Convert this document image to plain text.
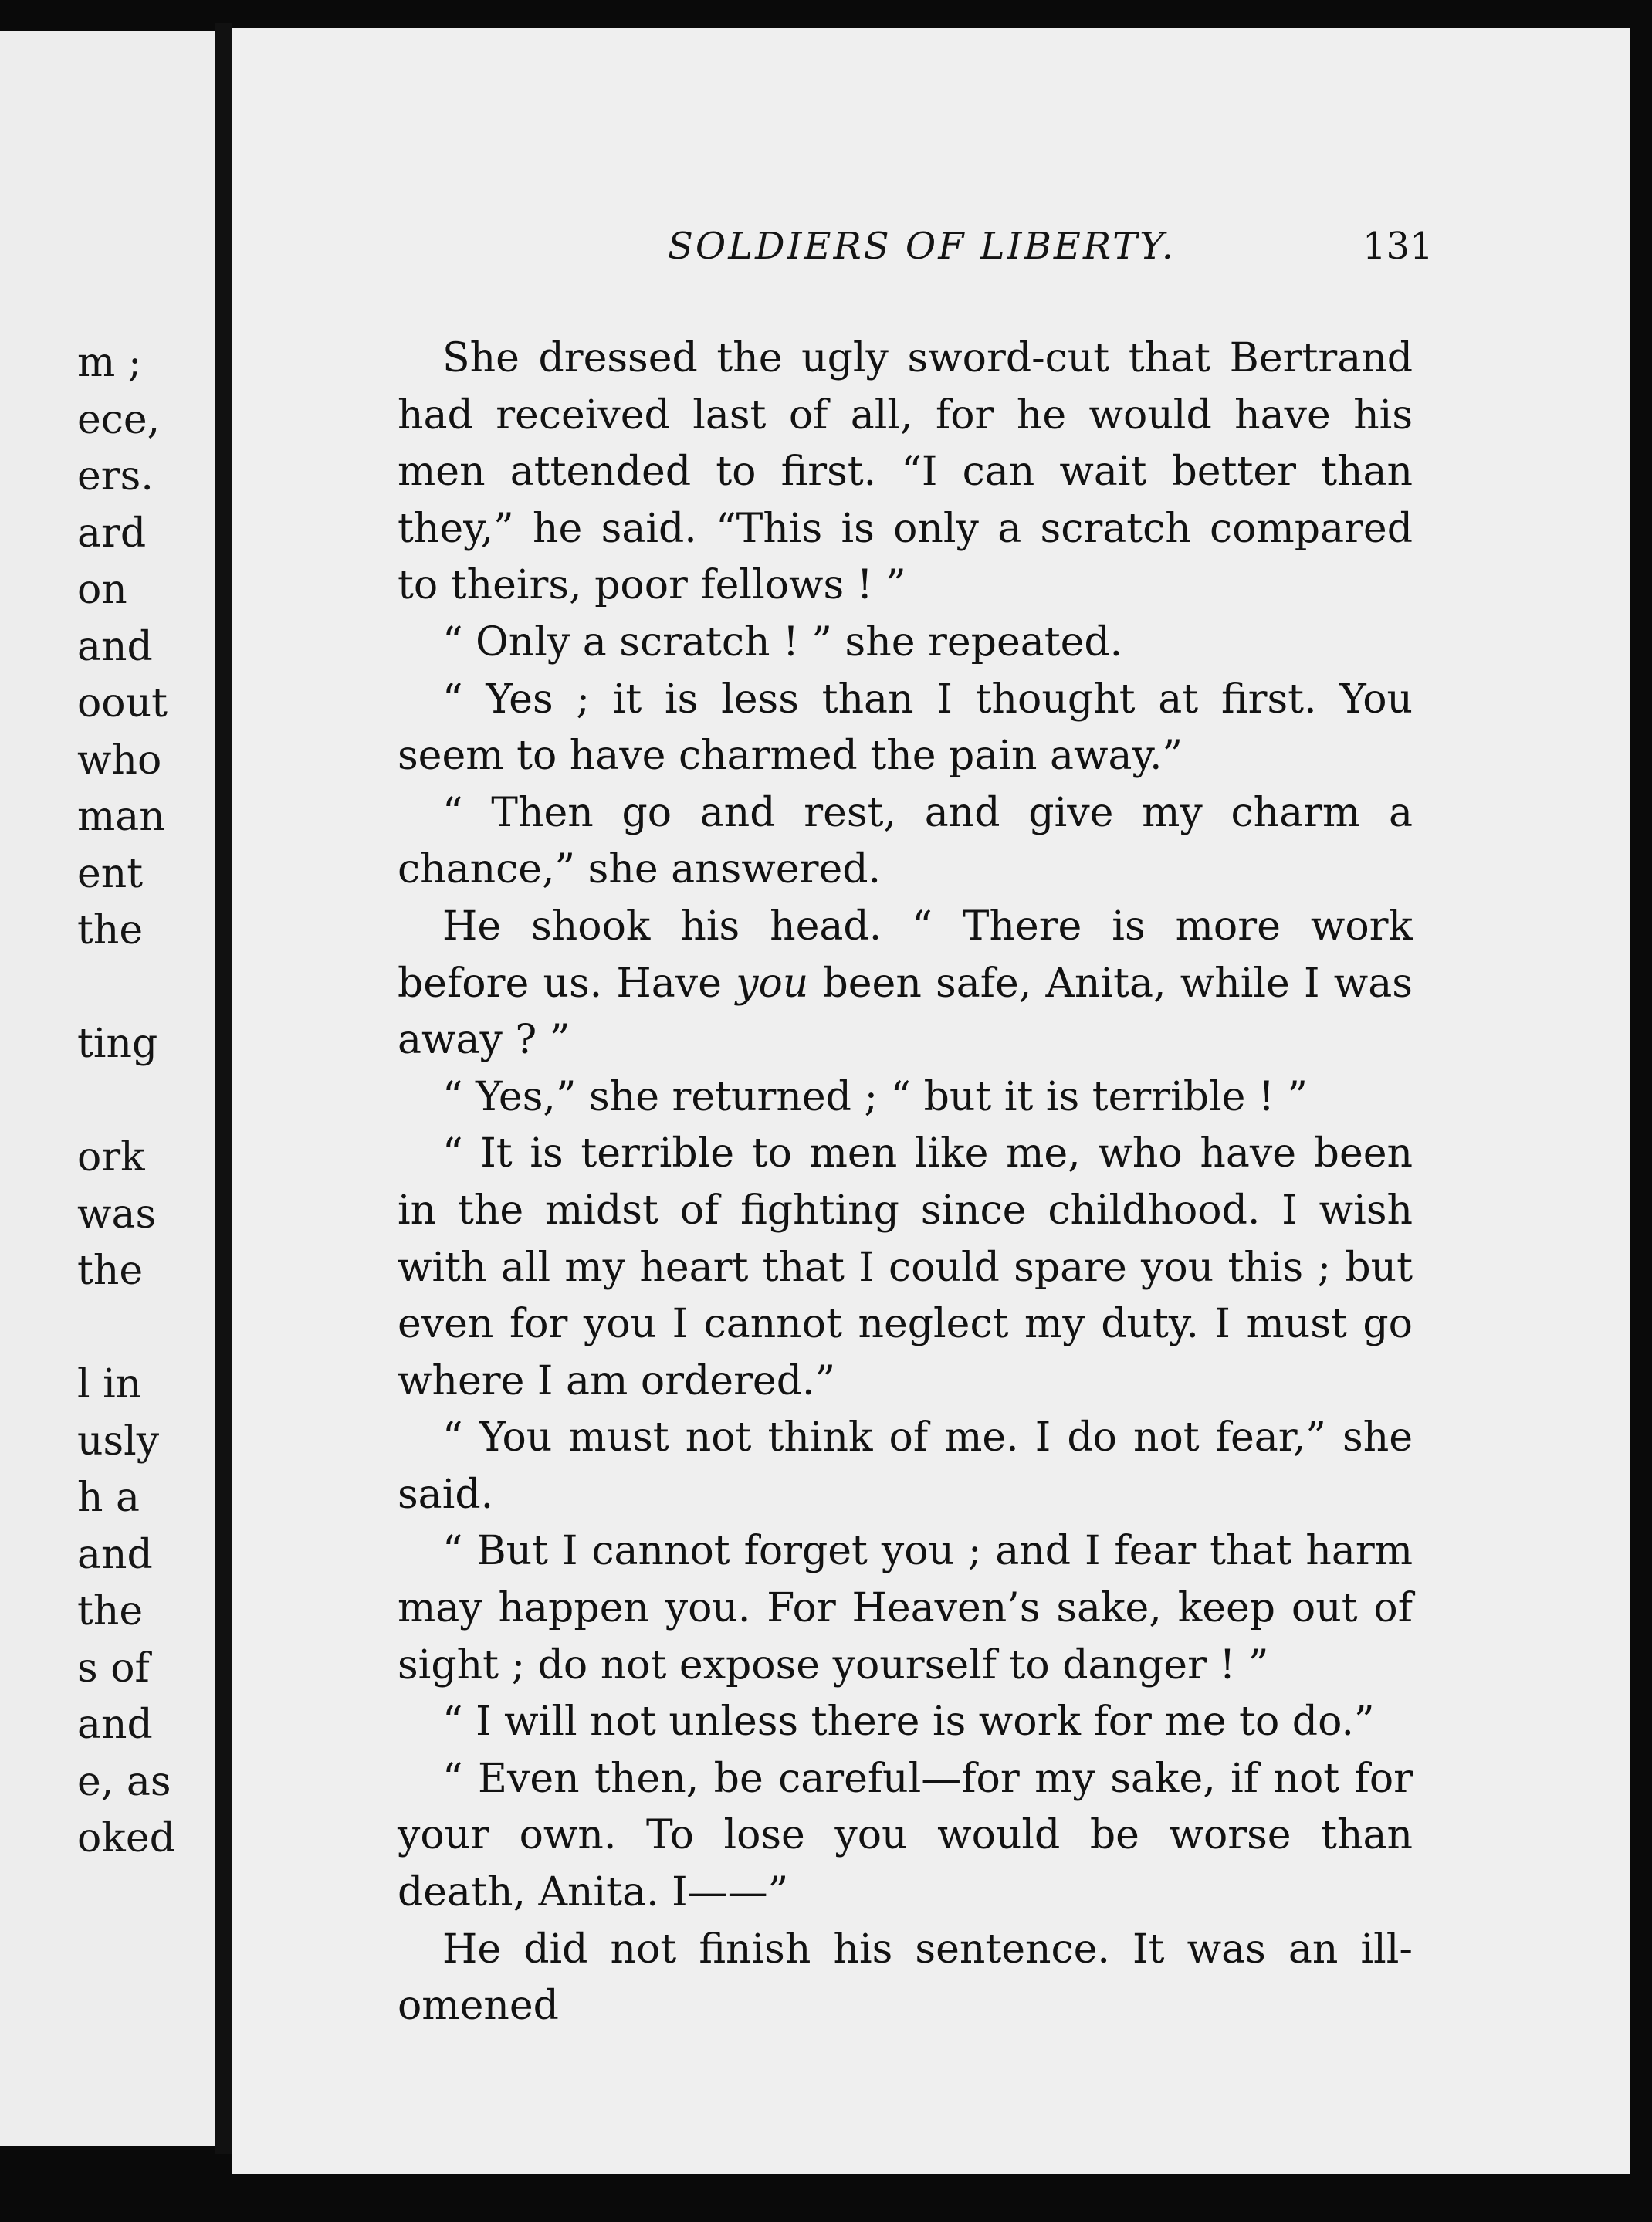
m ;
ece,
ers.
ard
on
and
oout
who
man
ent
the
ting
ork
was
the
l in
usly
h a
and
the
s of
and
e, as
oked
SOLDIERS OF LIBERTY.	131

She dressed the ugly sword-cut that Bertrand had received last of all, for he would have his men attended to first. “I can wait better than they,” he said. “This is only a scratch compared to theirs, poor fellows ! ”

“ Only a scratch ! ” she repeated.

“ Yes ; it is less than I thought at first. You seem to have charmed the pain away.”

“ Then go and rest, and give my charm a chance,” she answered.

He shook his head. “ There is more work before us. Have you been safe, Anita, while I was away ? ”

“ Yes,” she returned ; “ but it is terrible ! ”

“ It is terrible to men like me, who have been in the midst of fighting since childhood. I wish with all my heart that I could spare you this ; but even for you I cannot neglect my duty. I must go where I am ordered.”

“ You must not think of me. I do not fear,” she said.

“ But I cannot forget you ; and I fear that harm may happen you. For Heaven’s sake, keep out of sight ; do not expose yourself to danger ! ”

“ I will not unless there is work for me to do.”

“ Even then, be careful—for my sake, if not for your own. To lose you would be worse than death, Anita. I——”

He did not finish his sentence. It was an ill-omened
